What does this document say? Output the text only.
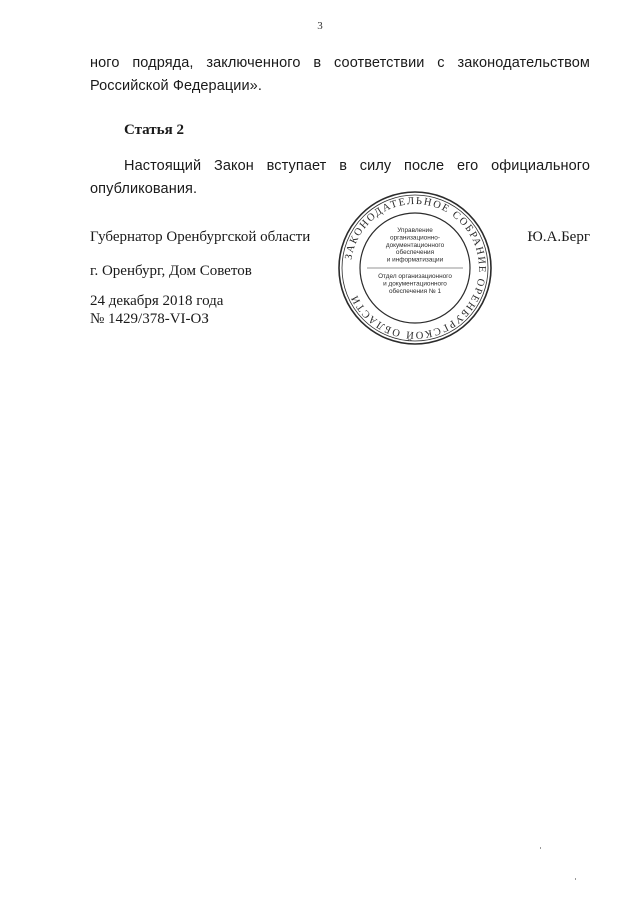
3
ного подряда, заключенного в соответствии с законодательством Российской Федерации».
Статья 2
Настоящий Закон вступает в силу после его официального опубликования.
Губернатор Оренбургской области	Ю.А.Берг
г. Оренбург, Дом Советов
24 декабря 2018 года
№ 1429/378-VI-ОЗ
ЗАКОНОДАТЕЛЬНОЕ СОБРАНИЕ ОРЕНБУРГСКОЙ ОБЛАСТИ
Управление
организационно-
документационного
обеспечения
и информатизации
Отдел организационного
и документационного
обеспечения № 1
